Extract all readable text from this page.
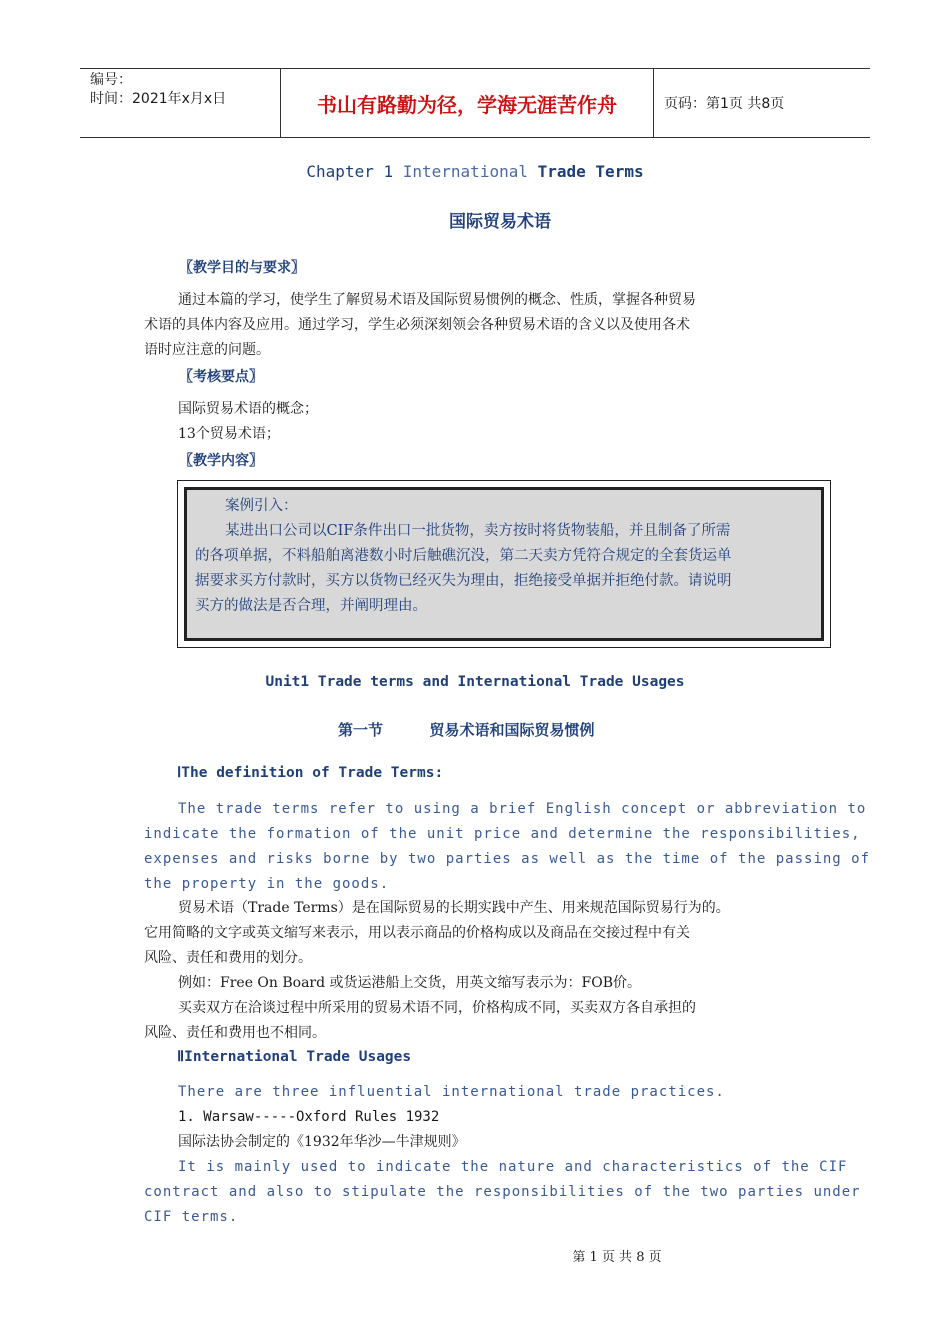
编号：
时间：2021年x月x日	书山有路勤为径，学海无涯苦作舟	页码：第1页 共8页
Chapter 1 International Trade Terms
国际贸易术语
〖教学目的与要求〗
通过本篇的学习，使学生了解贸易术语及国际贸易惯例的概念、性质，掌握各种贸易
术语的具体内容及应用。通过学习，学生必须深刻领会各种贸易术语的含义以及使用各术
语时应注意的问题。
〖考核要点〗
国际贸易术语的概念；
13个贸易术语；
〖教学内容〗
案例引入：
某进出口公司以CIF条件出口一批货物，卖方按时将货物装船，并且制备了所需
的各项单据，不料船舶离港数小时后触礁沉没，第二天卖方凭符合规定的全套货运单
据要求买方付款时，买方以货物已经灭失为理由，拒绝接受单据并拒绝付款。请说明
买方的做法是否合理，并阐明理由。
Unit1 Trade terms and International Trade Usages
第一节	贸易术语和国际贸易惯例
ⅠThe definition of Trade Terms:
The trade terms refer to using a brief English concept or abbreviation to
indicate the formation of the unit price and determine the responsibilities,
expenses and risks borne by two parties as well as the time of the passing of
the property in the goods.
贸易术语（Trade Terms）是在国际贸易的长期实践中产生、用来规范国际贸易行为的。
它用简略的文字或英文缩写来表示，用以表示商品的价格构成以及商品在交接过程中有关
风险、责任和费用的划分。
例如：Free On Board 或货运港船上交货，用英文缩写表示为：FOB价。
买卖双方在洽谈过程中所采用的贸易术语不同，价格构成不同，买卖双方各自承担的
风险、责任和费用也不相同。
ⅡInternational Trade Usages
There are three influential international trade practices.
1. Warsaw-----Oxford Rules 1932
国际法协会制定的《1932年华沙—牛津规则》
It is mainly used to indicate the nature and characteristics of the CIF
contract and also to stipulate the responsibilities of the two parties under
CIF terms.
第 1 页 共 8 页
